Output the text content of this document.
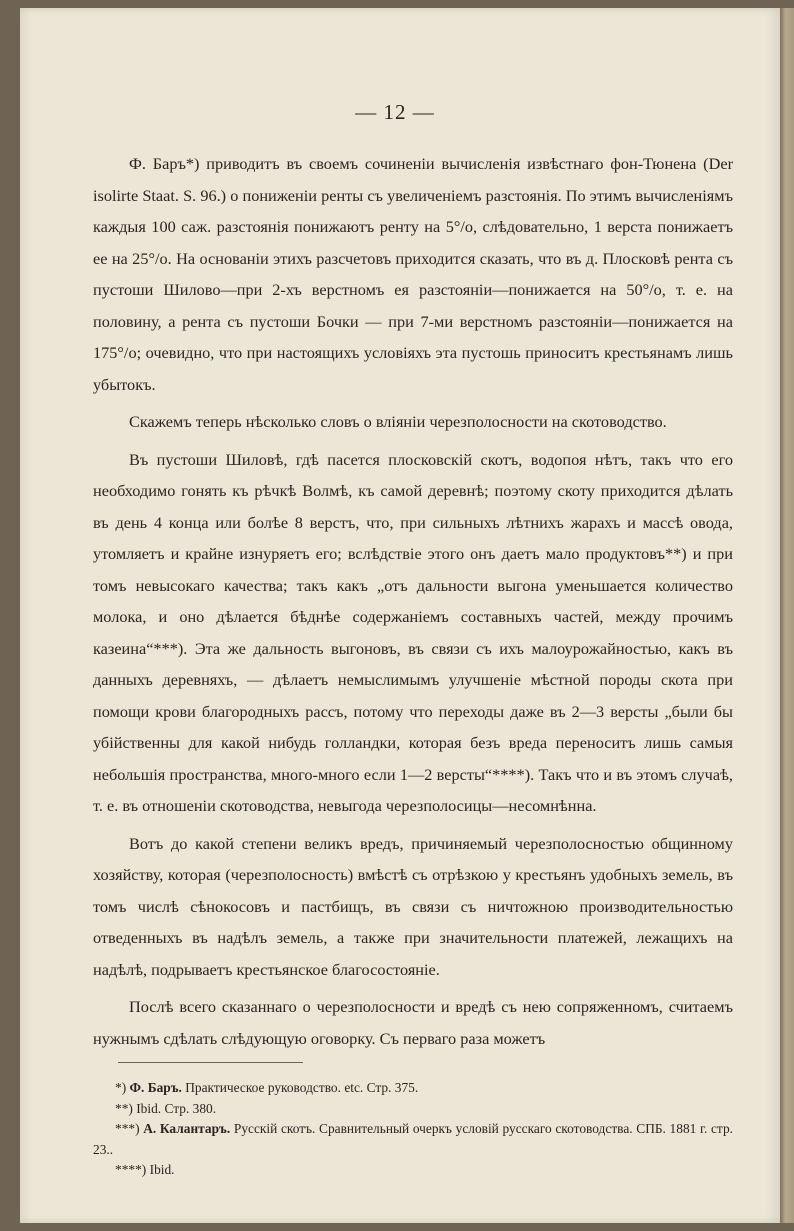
— 12 —

Ф. Баръ*) приводитъ въ своемъ сочиненіи вычисленія извѣстнаго фон-Тюнена (Der isolirte Staat. S. 96.) о пониженіи ренты съ увеличеніемъ разстоянія. По этимъ вычисленіямъ каждыя 100 саж. разстоянія понижаютъ ренту на 5°/о, слѣдовательно, 1 верста понижаетъ ее на 25°/о. На основаніи этихъ разсчетовъ приходится сказать, что въ д. Плосковѣ рента съ пустоши Шилово—при 2-хъ верстномъ ея разстояніи—понижается на 50°/о, т. е. на половину, а рента съ пустоши Бочки — при 7-ми верстномъ разстояніи—понижается на 175°/о; очевидно, что при настоящихъ условіяхъ эта пустошь приноситъ крестьянамъ лишь убытокъ.

Скажемъ теперь нѣсколько словъ о вліяніи черезполосности на скотоводство.

Въ пустоши Шиловѣ, гдѣ пасется плосковскій скотъ, водопоя нѣтъ, такъ что его необходимо гонять къ рѣчкѣ Волмѣ, къ самой деревнѣ; поэтому скоту приходится дѣлать въ день 4 конца или болѣе 8 верстъ, что, при сильныхъ лѣтнихъ жарахъ и массѣ овода, утомляетъ и крайне изнуряетъ его; вслѣдствіе этого онъ даетъ мало продуктовъ**) и при томъ невысокаго качества; такъ какъ „отъ дальности выгона уменьшается количество молока, и оно дѣлается бѣднѣе содержаніемъ составныхъ частей, между прочимъ казеина“***). Эта же дальность выгоновъ, въ связи съ ихъ малоурожайностью, какъ въ данныхъ деревняхъ, — дѣлаетъ немыслимымъ улучшеніе мѣстной породы скота при помощи крови благородныхъ рассъ, потому что переходы даже въ 2—3 версты „были бы убійственны для какой нибудь голландки, которая безъ вреда переноситъ лишь самыя небольшія пространства, много-много если 1—2 версты“****). Такъ что и въ этомъ случаѣ, т. е. въ отношеніи скотоводства, невыгода черезполосицы—несомнѣнна.

Вотъ до какой степени великъ вредъ, причиняемый черезполосностью общинному хозяйству, которая (черезполосность) вмѣстѣ съ отрѣзкою у крестьянъ удобныхъ земель, въ томъ числѣ сѣнокосовъ и пастбищъ, въ связи съ ничтожною производительностью отведенныхъ въ надѣлъ земель, а также при значительности платежей, лежащихъ на надѣлѣ, подрываетъ крестьянское благосостояніе.

Послѣ всего сказаннаго о черезполосности и вредѣ съ нею сопряженномъ, считаемъ нужнымъ сдѣлать слѣдующую оговорку. Съ перваго раза можетъ

*) Ф. Баръ. Практическое руководство. etc. Стр. 375.

**) Ibid. Стр. 380.

***) А. Калантаръ. Русскій скотъ. Сравнительный очеркъ условій русскаго скотоводства. СПБ. 1881 г. стр. 23..

****) Ibid.
